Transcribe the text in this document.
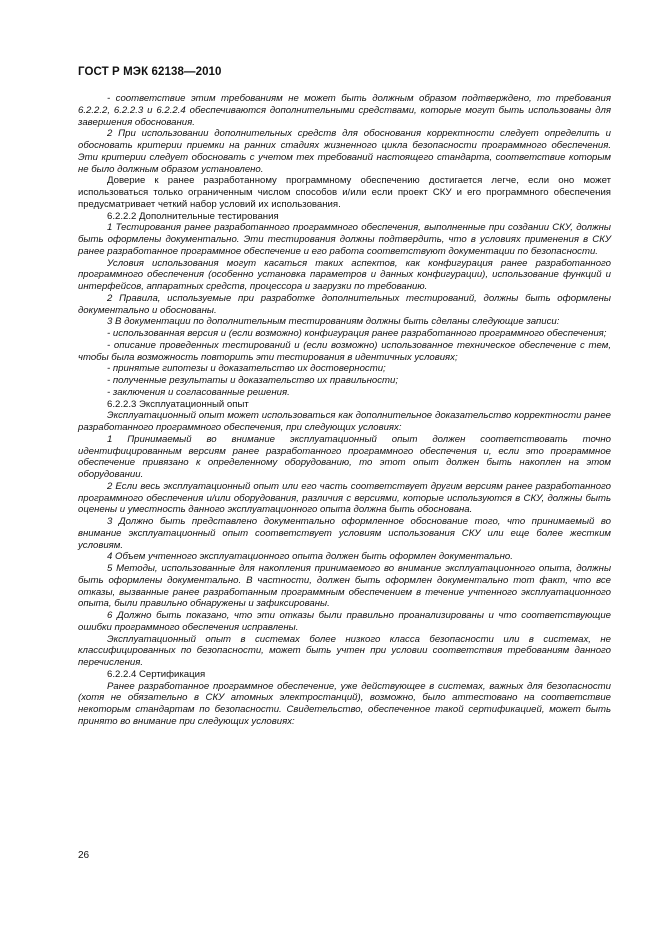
ГОСТ Р МЭК 62138—2010

- соответствие этим требованиям не может быть должным образом подтверждено, то требования 6.2.2.2, 6.2.2.3 и 6.2.2.4 обеспечиваются дополнительными средствами, которые могут быть использованы для завершения обоснования.

2 При использовании дополнительных средств для обоснования корректности следует определить и обосновать критерии приемки на ранних стадиях жизненного цикла безопасности программного обеспечения. Эти критерии следует обосновать с учетом тех требований настоящего стандарта, соответствие которым не было должным образом установлено.

Доверие к ранее разработанному программному обеспечению достигается легче, если оно может использоваться только ограниченным числом способов и/или если проект СКУ и его программного обеспечения предусматривает четкий набор условий их использования.

6.2.2.2 Дополнительные тестирования

1 Тестирования ранее разработанного программного обеспечения, выполненные при создании СКУ, должны быть оформлены документально. Эти тестирования должны подтвердить, что в условиях применения в СКУ ранее разработанное программное обеспечение и его работа соответствуют документации по безопасности.

Условия использования могут касаться таких аспектов, как конфигурация ранее разработанного программного обеспечения (особенно установка параметров и данных конфигурации), использование функций и интерфейсов, аппаратных средств, процессора и загрузки по требованию.

2 Правила, используемые при разработке дополнительных тестирований, должны быть оформлены документально и обоснованы.

3 В документации по дополнительным тестированиям должны быть сделаны следующие записи:

- использованная версия и (если возможно) конфигурация ранее разработанного программного обеспечения;

- описание проведенных тестирований и (если возможно) использованное техническое обеспечение с тем, чтобы была возможность повторить эти тестирования в идентичных условиях;

- принятые гипотезы и доказательство их достоверности;

- полученные результаты и доказательство их правильности;

- заключения и согласованные решения.

6.2.2.3 Эксплуатационный опыт

Эксплуатационный опыт может использоваться как дополнительное доказательство корректности ранее разработанного программного обеспечения, при следующих условиях:

1 Принимаемый во внимание эксплуатационный опыт должен соответствовать точно идентифицированным версиям ранее разработанного программного обеспечения и, если это программное обеспечение привязано к определенному оборудованию, то этот опыт должен быть накоплен на этом оборудовании.

2 Если весь эксплуатационный опыт или его часть соответствует другим версиям ранее разработанного программного обеспечения и/или оборудования, различия с версиями, которые используются в СКУ, должны быть оценены и уместность данного эксплуатационного опыта должна быть обоснована.

3 Должно быть представлено документально оформленное обоснование того, что принимаемый во внимание эксплуатационный опыт соответствует условиям использования СКУ или еще более жестким условиям.

4 Объем учтенного эксплуатационного опыта должен быть оформлен документально.

5 Методы, использованные для накопления принимаемого во внимание эксплуатационного опыта, должны быть оформлены документально. В частности, должен быть оформлен документально тот факт, что все отказы, вызванные ранее разработанным программным обеспечением в течение учтенного эксплуатационного опыта, были правильно обнаружены и зафиксированы.

6 Должно быть показано, что эти отказы были правильно проанализированы и что соответствующие ошибки программного обеспечения исправлены.

Эксплуатационный опыт в системах более низкого класса безопасности или в системах, не классифицированных по безопасности, может быть учтен при условии соответствия требованиям данного перечисления.

6.2.2.4 Сертификация

Ранее разработанное программное обеспечение, уже действующее в системах, важных для безопасности (хотя не обязательно в СКУ атомных электростанций), возможно, было аттестовано на соответствие некоторым стандартам по безопасности. Свидетельство, обеспеченное такой сертификацией, может быть принято во внимание при следующих условиях:

26
